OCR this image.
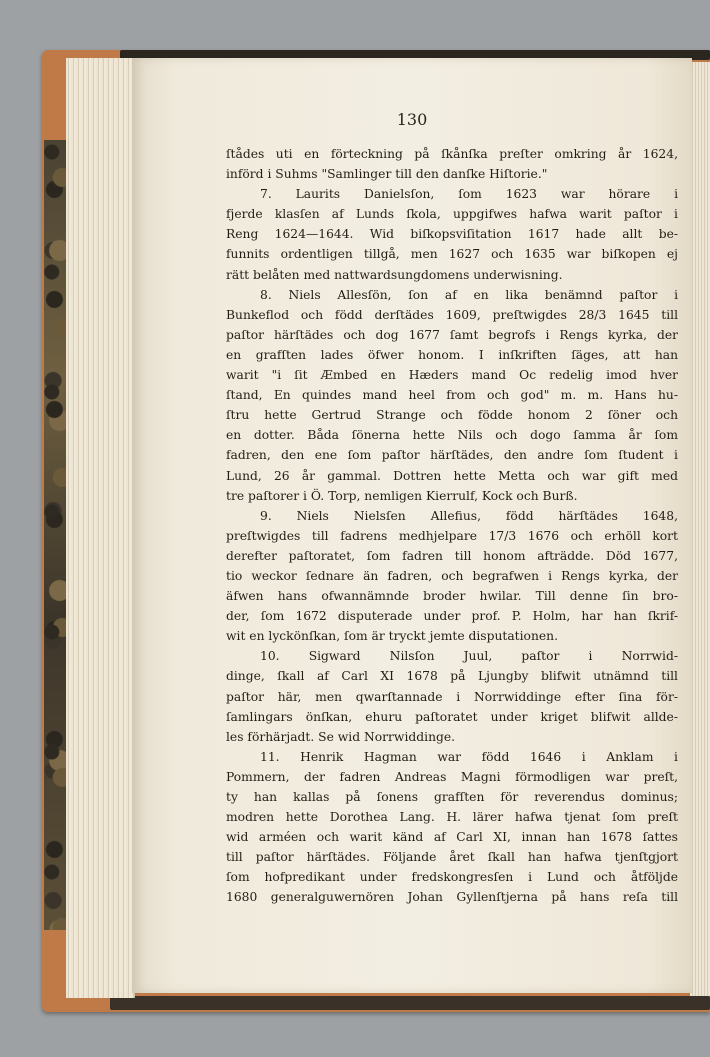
130
ſtådes uti en förteckning på ſkånſka preſter omkring år 1624,
införd i Suhms "Samlinger till den danſke Hiſtorie."
7. Laurits Danielsſon, ſom 1623 war hörare i
fjerde klasſen af Lunds ſkola, uppgifwes hafwa warit paſtor i
Reng 1624—1644. Wid biſkopsviſitation 1617 hade allt be-
funnits ordentligen tillgå, men 1627 och 1635 war biſkopen ej
rätt belåten med nattwardsungdomens underwisning.
8. Niels Allesſön, ſon af en lika benämnd paſtor i
Bunkeflod och född derſtädes 1609, preſtwigdes 28/3 1645 till
paſtor härſtädes och dog 1677 ſamt begrofs i Rengs kyrka, der
en grafſten lades öfwer honom. I inſkriften ſäges, att han
warit "i ſit Æmbed en Hæders mand Oc redelig imod hver
ſtand, En quindes mand heel from och god" m. m. Hans hu-
ſtru hette Gertrud Strange och födde honom 2 ſöner och
en dotter. Båda ſönerna hette Nils och dogo ſamma år ſom
fadren, den ene ſom paſtor härſtädes, den andre ſom ſtudent i
Lund, 26 år gammal. Dottren hette Metta och war gift med
tre paſtorer i Ö. Torp, nemligen Kierrulf, Kock och Burß.
9. Niels Nielsſen Allefius, född härſtädes 1648,
preſtwigdes till fadrens medhjelpare 17/3 1676 och erhöll kort
derefter paſtoratet, ſom fadren till honom afträdde. Död 1677,
tio weckor ſednare än fadren, och begrafwen i Rengs kyrka, der
äfwen hans ofwannämnde broder hwilar. Till denne ſin bro-
der, ſom 1672 disputerade under prof. P. Holm, har han ſkrif-
wit en lyckönſkan, ſom är tryckt jemte disputationen.
10. Sigward Nilsſon Juul, paſtor i Norrwid-
dinge, ſkall af Carl XI 1678 på Ljungby blifwit utnämnd till
paſtor här, men qwarſtannade i Norrwiddinge efter ſina för-
ſamlingars önſkan, ehuru paſtoratet under kriget blifwit allde-
les förhärjadt. Se wid Norrwiddinge.
11. Henrik Hagman war född 1646 i Anklam i
Pommern, der fadren Andreas Magni förmodligen war preſt,
ty han kallas på ſonens grafſten för reverendus dominus;
modren hette Dorothea Lang. H. lärer hafwa tjenat ſom preſt
wid arméen och warit känd af Carl XI, innan han 1678 ſattes
till paſtor härſtädes. Följande året ſkall han hafwa tjenſtgjort
ſom hofpredikant under fredskongresſen i Lund och åtföljde
1680 generalguwernören Johan Gyllenſtjerna på hans reſa till
